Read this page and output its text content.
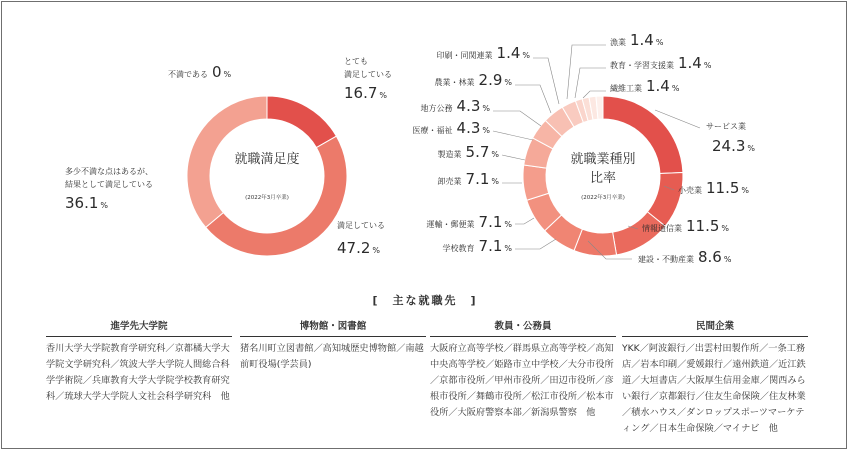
就職満足度
(2022年3月卒業)
とても
満足している
16.7 %
満足している
47.2 %
多少不満な点はあるが、
結果として満足している
36.1 %
不満である 0 %
就職業種別
比率
(2022年3月卒業)
サービス業
24.3 %
小売業 11.5 %
情報通信業 11.5 %
建設・不動産業 8.6 %
学校教育 7.1 %
運輸・郵便業 7.1 %
卸売業 7.1 %
製造業 5.7 %
医療・福祉 4.3 %
地方公務 4.3 %
農業・林業 2.9 %
印刷・同関連業 1.4 %
漁業 1.4 %
教育・学習支援業 1.4 %
繊維工業 1.4 %
[　主な就職先　]
進学先大学院
香川大学大学院教育学研究科／京都橘大学大学院文学研究科／筑波大学大学院人間総合科学学術院／兵庫教育大学大学院学校教育研究科／琉球大学大学院人文社会科学研究科　他
博物館・図書館
猪名川町立図書館／高知城歴史博物館／南越前町役場(学芸員)
教員・公務員
大阪府立高等学校／群馬県立高等学校／高知中央高等学校／姫路市立中学校／大分市役所／京都市役所／甲州市役所／田辺市役所／彦根市役所／舞鶴市役所／松江市役所／松本市役所／大阪府警察本部／新潟県警察　他
民間企業
YKK／阿波銀行／出雲村田製作所／一条工務店／岩本印刷／愛媛銀行／遠州鉄道／近江鉄道／大垣書店／大阪厚生信用金庫／関西みらい銀行／京都銀行／住友生命保険／住友林業／積水ハウス／ダンロップスポーツマーケティング／日本生命保険／マイナビ　他
